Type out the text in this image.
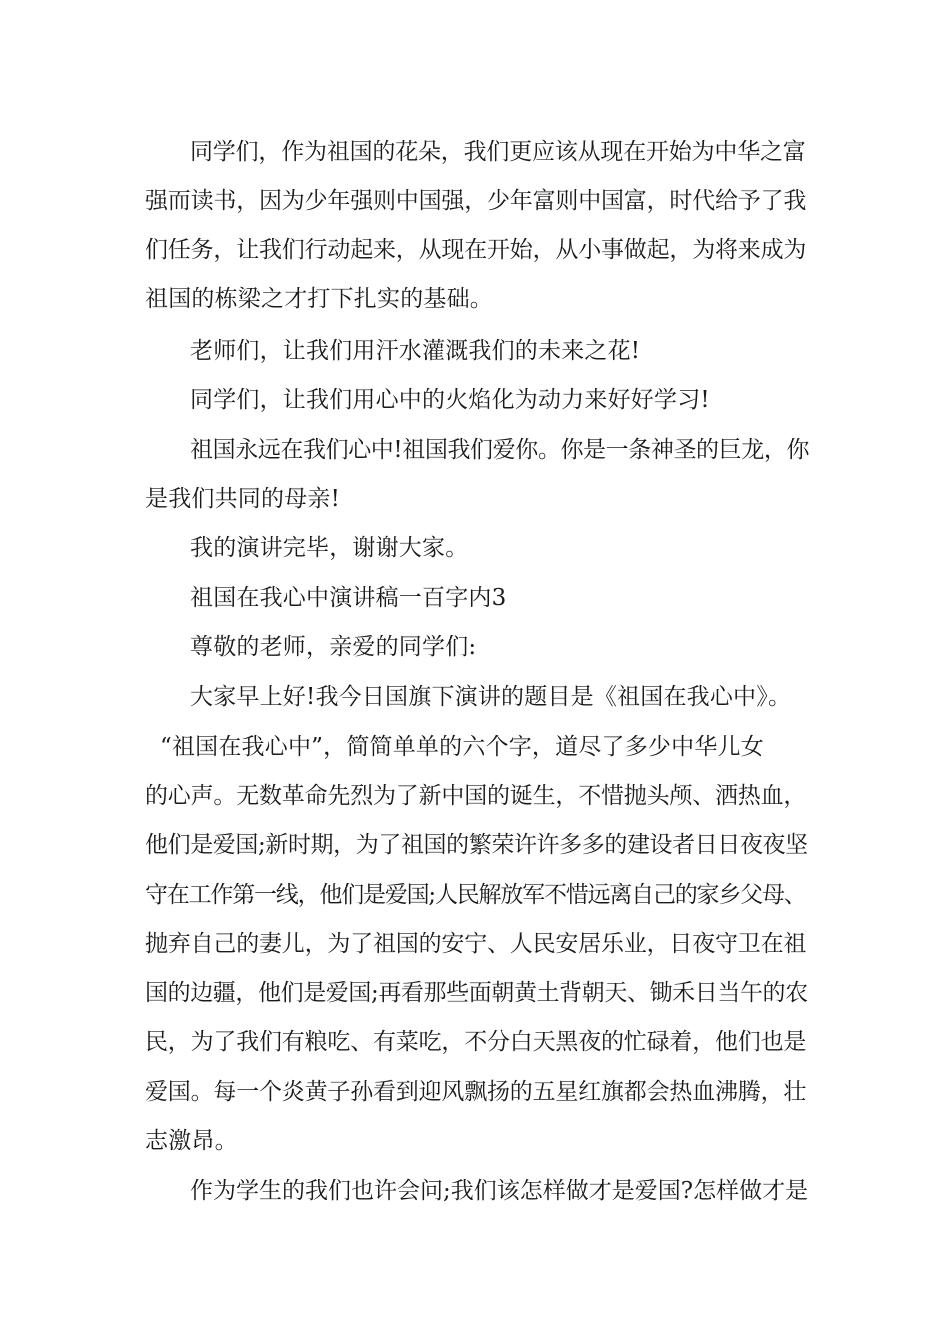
同学们，作为祖国的花朵，我们更应该从现在开始为中华之富
强而读书，因为少年强则中国强，少年富则中国富，时代给予了我
们任务，让我们行动起来，从现在开始，从小事做起，为将来成为
祖国的栋梁之才打下扎实的基础。
老师们，让我们用汗水灌溉我们的未来之花!
同学们，让我们用心中的火焰化为动力来好好学习!
祖国永远在我们心中!祖国我们爱你。你是一条神圣的巨龙，你
是我们共同的母亲!
我的演讲完毕，谢谢大家。
祖国在我心中演讲稿一百字内3
尊敬的老师，亲爱的同学们:
大家早上好!我今日国旗下演讲的题目是《祖国在我心中》。
“祖国在我心中”，简简单单的六个字，道尽了多少中华儿女
的心声。无数革命先烈为了新中国的诞生，不惜抛头颅、洒热血，
他们是爱国;新时期，为了祖国的繁荣许许多多的建设者日日夜夜坚
守在工作第一线，他们是爱国;人民解放军不惜远离自己的家乡父母、
抛弃自己的妻儿，为了祖国的安宁、人民安居乐业，日夜守卫在祖
国的边疆，他们是爱国;再看那些面朝黄土背朝天、锄禾日当午的农
民，为了我们有粮吃、有菜吃，不分白天黑夜的忙碌着，他们也是
爱国。每一个炎黄子孙看到迎风飘扬的五星红旗都会热血沸腾，壮
志激昂。
作为学生的我们也许会问;我们该怎样做才是爱国?怎样做才是
